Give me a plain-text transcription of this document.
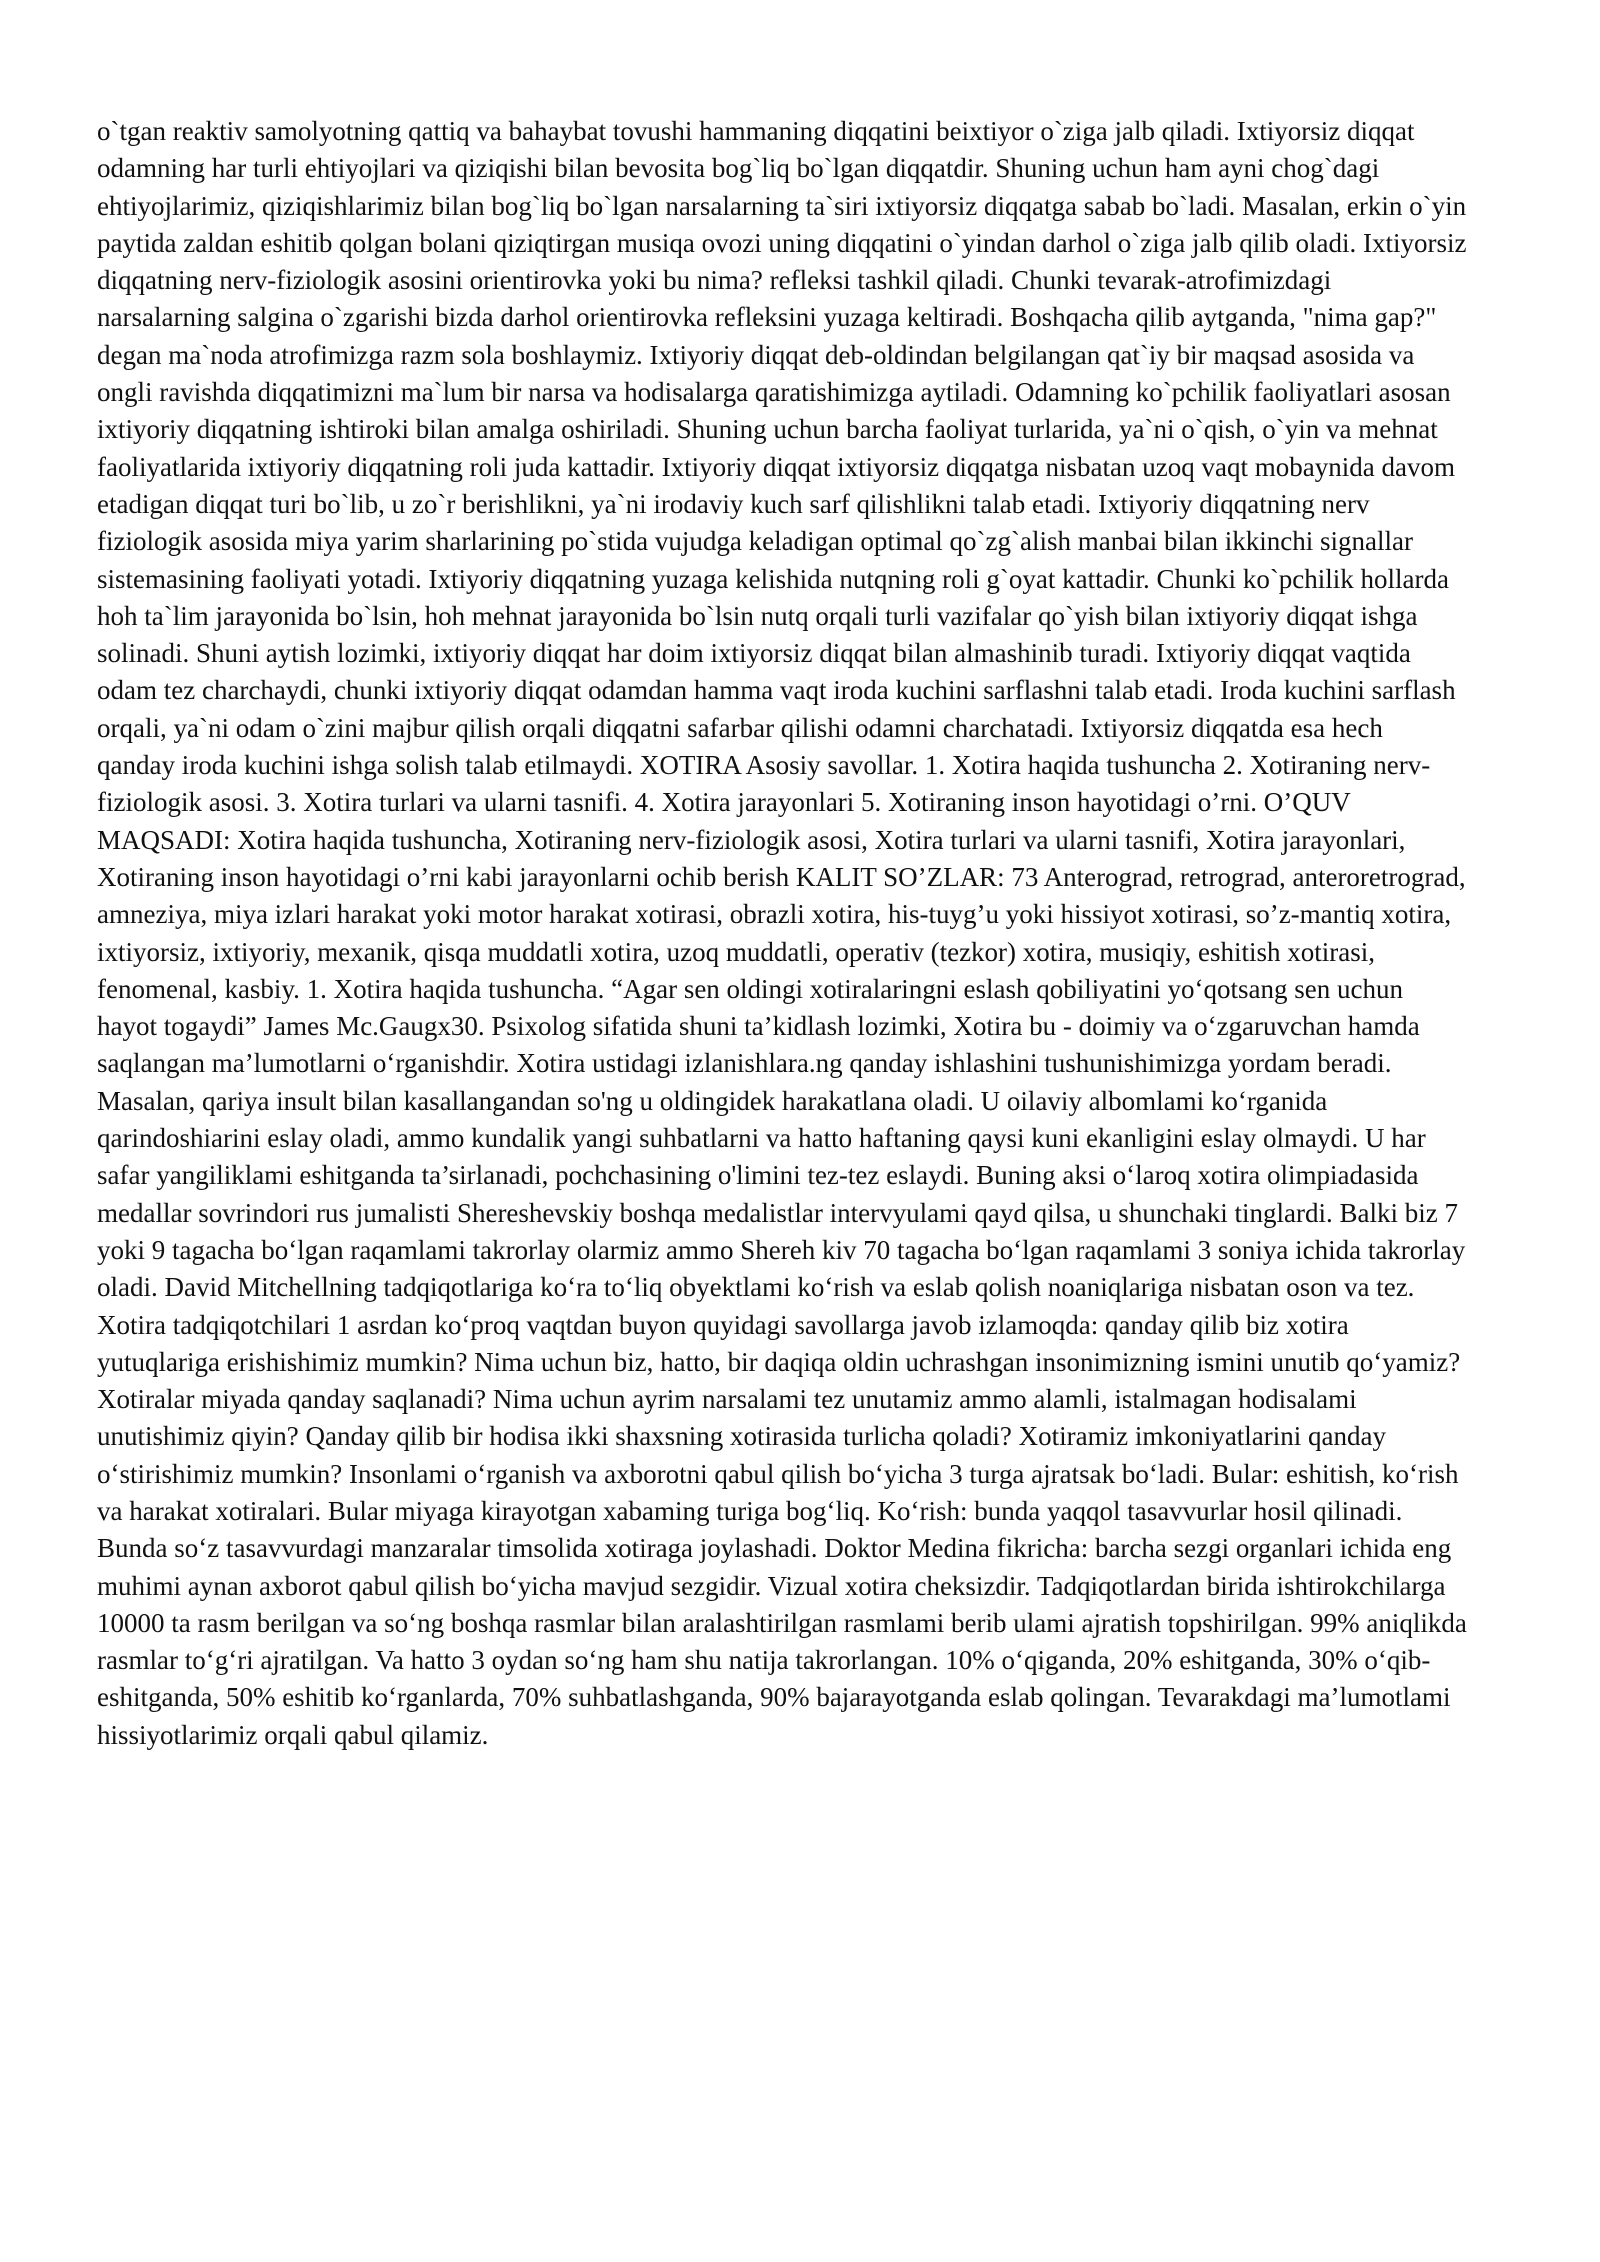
o`tgan reaktiv samolyotning qattiq va bahaybat tovushi hammaning diqqatini beixtiyor o`ziga jalb qiladi. Ixtiyorsiz diqqat odamning har turli ehtiyojlari va qiziqishi bilan bevosita bog`liq bo`lgan diqqatdir. Shuning uchun ham ayni chog`dagi ehtiyojlarimiz, qiziqishlarimiz bilan bog`liq bo`lgan narsalarning ta`siri ixtiyorsiz diqqatga sabab bo`ladi. Masalan, erkin o`yin paytida zaldan eshitib qolgan bolani qiziqtirgan musiqa ovozi uning diqqatini o`yindan darhol o`ziga jalb qilib oladi. Ixtiyorsiz diqqatning nerv-fiziologik asosini orientirovka yoki bu nima? refleksi tashkil qiladi. Chunki tevarak-atrofimizdagi narsalarning salgina o`zgarishi bizda darhol orientirovka refleksini yuzaga keltiradi. Boshqacha qilib aytganda, "nima gap?" degan ma`noda atrofimizga razm sola boshlaymiz. Ixtiyoriy diqqat deb-oldindan belgilangan qat`iy bir maqsad asosida va ongli ravishda diqqatimizni ma`lum bir narsa va hodisalarga qaratishimizga aytiladi. Odamning ko`pchilik faoliyatlari asosan ixtiyoriy diqqatning ishtiroki bilan amalga oshiriladi. Shuning uchun barcha faoliyat turlarida, ya`ni o`qish, o`yin va mehnat faoliyatlarida ixtiyoriy diqqatning roli juda kattadir. Ixtiyoriy diqqat ixtiyorsiz diqqatga nisbatan uzoq vaqt mobaynida davom etadigan diqqat turi bo`lib, u zo`r berishlikni, ya`ni irodaviy kuch sarf qilishlikni talab etadi. Ixtiyoriy diqqatning nerv fiziologik asosida miya yarim sharlarining po`stida vujudga keladigan optimal qo`zg`alish manbai bilan ikkinchi signallar sistemasining faoliyati yotadi. Ixtiyoriy diqqatning yuzaga kelishida nutqning roli g`oyat kattadir. Chunki ko`pchilik hollarda hoh ta`lim jarayonida bo`lsin, hoh mehnat jarayonida bo`lsin nutq orqali turli vazifalar qo`yish bilan ixtiyoriy diqqat ishga solinadi. Shuni aytish lozimki, ixtiyoriy diqqat har doim ixtiyorsiz diqqat bilan almashinib turadi. Ixtiyoriy diqqat vaqtida odam tez charchaydi, chunki ixtiyoriy diqqat odamdan hamma vaqt iroda kuchini sarflashni talab etadi. Iroda kuchini sarflash orqali, ya`ni odam o`zini majbur qilish orqali diqqatni safarbar qilishi odamni charchatadi. Ixtiyorsiz diqqatda esa hech qanday iroda kuchini ishga solish talab etilmaydi. XOTIRA Asosiy savollar. 1. Xotira haqida tushuncha 2. Xotiraning nerv-fiziologik asosi. 3. Xotira turlari va ularni tasnifi. 4. Xotira jarayonlari 5. Xotiraning inson hayotidagi o’rni. O’QUV MAQSADI: Xotira haqida tushuncha, Xotiraning nerv-fiziologik asosi, Xotira turlari va ularni tasnifi, Xotira jarayonlari, Xotiraning inson hayotidagi o’rni kabi jarayonlarni ochib berish KALIT SO’ZLAR: 73 Anterograd, retrograd, anteroretrograd, amneziya, miya izlari harakat yoki motor harakat xotirasi, obrazli xotira, his-tuyg’u yoki hissiyot xotirasi, so’z-mantiq xotira, ixtiyorsiz, ixtiyoriy, mexanik, qisqa muddatli xotira, uzoq muddatli, operativ (tezkor) xotira, musiqiy, eshitish xotirasi, fenomenal, kasbiy. 1. Xotira haqida tushuncha. “Agar sen oldingi xotiralaringni eslash qobiliyatini yo‘qotsang sen uchun hayot togaydi” James Mc.Gaugx30. Psixolog sifatida shuni ta’kidlash lozimki, Xotira bu - doimiy va o‘zgaruvchan hamda saqlangan ma’lumotlarni o‘rganishdir. Xotira ustidagi izlanishlara.ng qanday ishlashini tushunishimizga yordam beradi. Masalan, qariya insult bilan kasallangandan so'ng u oldingidek harakatlana oladi. U oilaviy albomlami ko‘rganida qarindoshiarini eslay oladi, ammo kundalik yangi suhbatlarni va hatto haftaning qaysi kuni ekanligini eslay olmaydi. U har safar yangiliklami eshitganda ta’sirlanadi, pochchasining o'limini tez-tez eslaydi. Buning aksi o‘laroq xotira olimpiadasida medallar sovrindori rus jumalisti Shereshevskiy boshqa medalistlar intervyulami qayd qilsa, u shunchaki tinglardi. Balki biz 7 yoki 9 tagacha bo‘lgan raqamlami takrorlay olarmiz ammo Shereh kiv 70 tagacha bo‘lgan raqamlami 3 soniya ichida takrorlay oladi. David Mitchellning tadqiqotlariga ko‘ra to‘liq obyektlami ko‘rish va eslab qolish noaniqlariga nisbatan oson va tez. Xotira tadqiqotchilari 1 asrdan ko‘proq vaqtdan buyon quyidagi savollarga javob izlamoqda: qanday qilib biz xotira yutuqlariga erishishimiz mumkin? Nima uchun biz, hatto, bir daqiqa oldin uchrashgan insonimizning ismini unutib qo‘yamiz? Xotiralar miyada qanday saqlanadi? Nima uchun ayrim narsalami tez unutamiz ammo alamli, istalmagan hodisalami unutishimiz qiyin? Qanday qilib bir hodisa ikki shaxsning xotirasida turlicha qoladi? Xotiramiz imkoniyatlarini qanday o‘stirishimiz mumkin? Insonlami o‘rganish va axborotni qabul qilish bo‘yicha 3 turga ajratsak bo‘ladi. Bular: eshitish, ko‘rish va harakat xotiralari. Bular miyaga kirayotgan xabaming turiga bog‘liq. Ko‘rish: bunda yaqqol tasavvurlar hosil qilinadi. Bunda so‘z tasavvurdagi manzaralar timsolida xotiraga joylashadi. Doktor Medina fikricha: barcha sezgi organlari ichida eng muhimi aynan axborot qabul qilish bo‘yicha mavjud sezgidir. Vizual xotira cheksizdir. Tadqiqotlardan birida ishtirokchilarga 10000 ta rasm berilgan va so‘ng boshqa rasmlar bilan aralashtirilgan rasmlami berib ulami ajratish topshirilgan. 99% aniqlikda rasmlar to‘g‘ri ajratilgan. Va hatto 3 oydan so‘ng ham shu natija takrorlangan. 10% o‘qiganda, 20% eshitganda, 30% o‘qib-eshitganda, 50% eshitib ko‘rganlarda, 70% suhbatlashganda, 90% bajarayotganda eslab qolingan. Tevarakdagi ma’lumotlami hissiyotlarimiz orqali qabul qilamiz.
